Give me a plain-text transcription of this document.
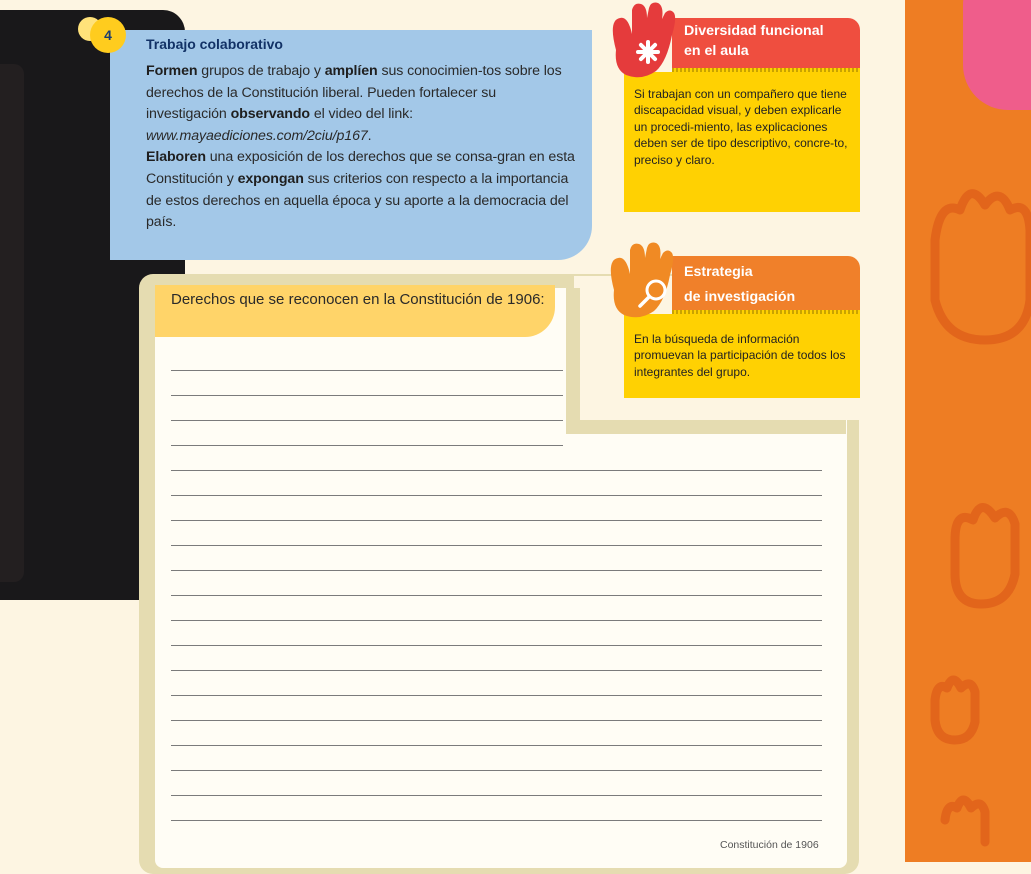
4
Trabajo colaborativo
Formen grupos de trabajo y amplíen sus conocimien-tos sobre los derechos de la Constitución liberal. Pueden fortalecer su investigación observando el video del link: www.mayaediciones.com/2ciu/p167.
Elaboren una exposición de los derechos que se consa-gran en esta Constitución y expongan sus criterios con respecto a la importancia de estos derechos en aquella época y su aporte a la democracia del país.
Derechos que se reconocen en la Constitución de 1906:
Constitución de 1906
Diversidad funcional
en el aula
Si trabajan con un compañero que tiene discapacidad visual, y deben explicarle un procedi-miento, las explicaciones deben ser de tipo descriptivo, concre-to, preciso y claro.
Estrategia
de investigación
En la búsqueda de información promuevan la participación de todos los integrantes del grupo.
